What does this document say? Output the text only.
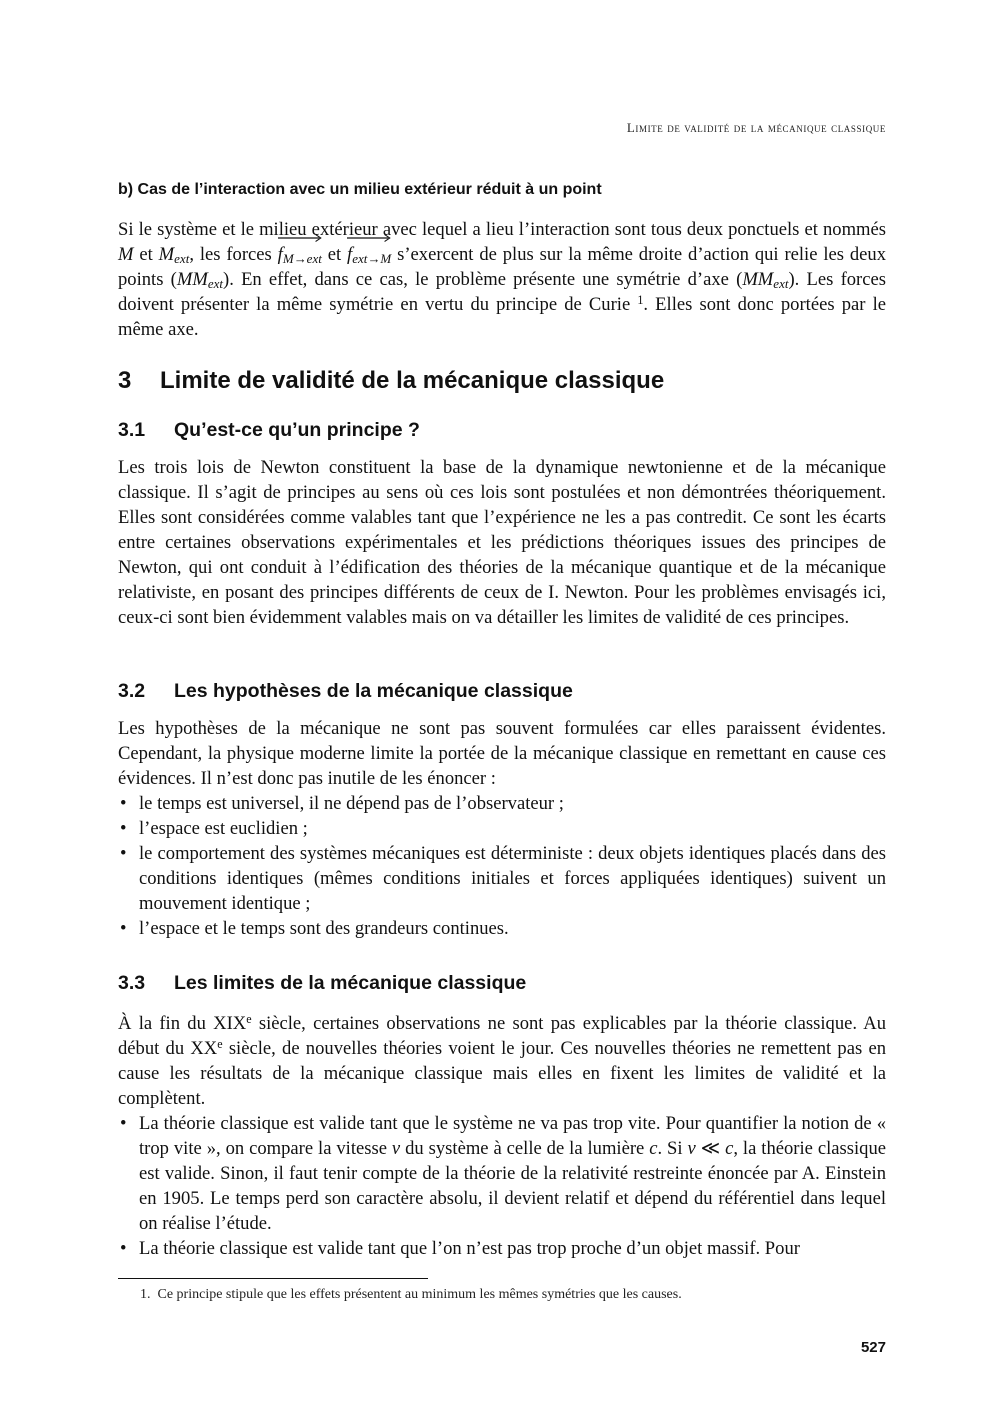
Limite de validité de la mécanique classique
b) Cas de l’interaction avec un milieu extérieur réduit à un point

Si le système et le milieu extérieur avec lequel a lieu l’interaction sont tous deux ponctuels et nommés M et $M_{ext}$, les forces
$f_{M\to ext}$ et
$f_{ext\to M}$ s’exercent de plus sur la même droite d’action qui relie les deux points $(MM_{ext})$. En effet, dans ce cas, le problème présente une symétrie d’axe $(MM_{ext})$. Les forces doivent présenter la même symétrie en vertu du principe de Curie $^1$. Elles sont donc portées par le même axe.

3 Limite de validité de la mécanique classique
3.1 Qu’est-ce qu’un principe ?

Les trois lois de Newton constituent la base de la dynamique newtonienne et de la mécanique classique. Il s’agit de principes au sens où ces lois sont postulées et non démontrées théoriquement. Elles sont considérées comme valables tant que l’expérience ne les a pas contredit. Ce sont les écarts entre certaines observations expérimentales et les prédictions théoriques issues des principes de Newton, qui ont conduit à l’édification des théories de la mécanique quantique et de la mécanique relativiste, en posant des principes différents de ceux de I. Newton. Pour les problèmes envisagés ici, ceux-ci sont bien évidemment valables mais on va détailler les limites de validité de ces principes.

3.2 Les hypothèses de la mécanique classique

Les hypothèses de la mécanique ne sont pas souvent formulées car elles paraissent évidentes. Cependant, la physique moderne limite la portée de la mécanique classique en remettant en cause ces évidences. Il n’est donc pas inutile de les énoncer :

• le temps est universel, il ne dépend pas de l’observateur ;
• l’espace est euclidien ;
• le comportement des systèmes mécaniques est déterministe : deux objets identiques placés dans des conditions identiques (mêmes conditions initiales et forces appliquées identiques) suivent un mouvement identique ;
• l’espace et le temps sont des grandeurs continues.
3.3 Les limites de la mécanique classique

À la fin du XIXe siècle, certaines observations ne sont pas explicables par la théorie classique. Au début du XXe siècle, de nouvelles théories voient le jour. Ces nouvelles théories ne remettent pas en cause les résultats de la mécanique classique mais elles en fixent les limites de validité et la complètent.

• La théorie classique est valide tant que le système ne va pas trop vite. Pour quantifier la notion de « trop vite », on compare la vitesse v du système à celle de la lumière c. Si v ≪ c, la théorie classique est valide. Sinon, il faut tenir compte de la théorie de la relativité restreinte énoncée par A. Einstein en 1905. Le temps perd son caractère absolu, il devient relatif et dépend du référentiel dans lequel on réalise l’étude.
• La théorie classique est valide tant que l’on n’est pas trop proche d’un objet massif. Pour
1. Ce principe stipule que les effets présentent au minimum les mêmes symétries que les causes.
527
